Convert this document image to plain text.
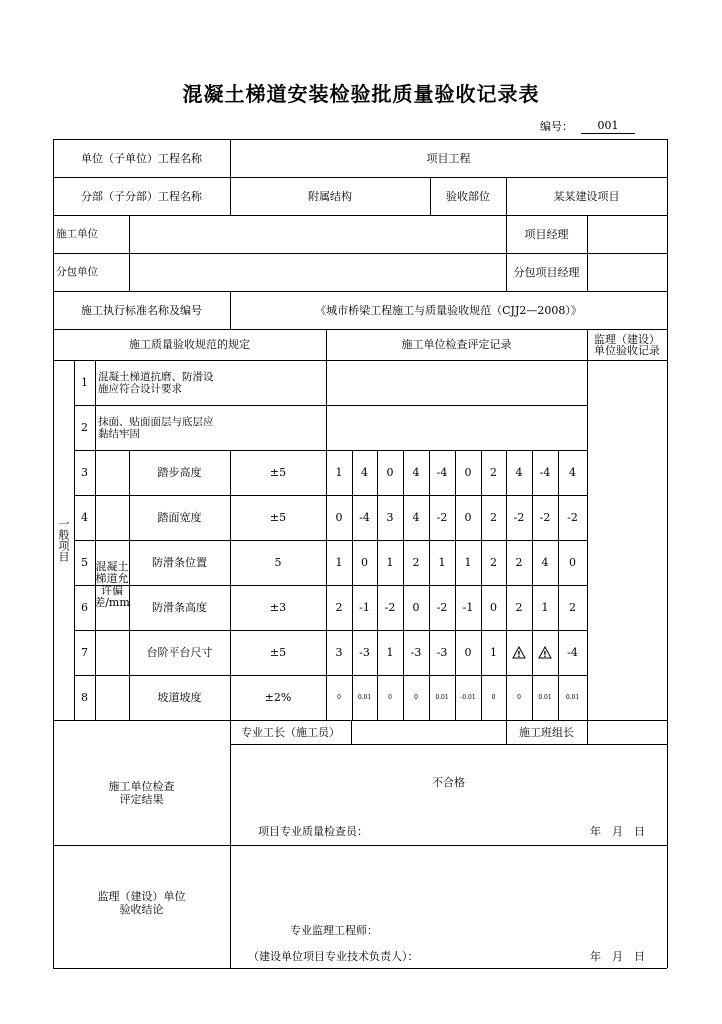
混凝土梯道安装检验批质量验收记录表
编号：	001
单位（子单位）工程名称	项目工程
分部（子分部）工程名称	附属结构	验收部位	某某建设项目
施工单位	项目经理
分包单位	分包项目经理
施工执行标准名称及编号	《城市桥梁工程施工与质量验收规范（CJJ2—2008）》
施工质量验收规范的规定	施工单位检查评定记录	监理（建设）
单位验收记录
一般项目
混凝土梯道允许偏差/mm
1 混凝土梯道抗磨、防滑设
施应符合设计要求
2 抹面、贴面面层与底层应
黏结牢固
3	踏步高度	±5	1	4	0	4	-4	0	2	4	-4	4
4	踏面宽度	±5	0	-4	3	4	-2	0	2	-2	-2	-2
5	防滑条位置	5	1	0	1	2	1	1	2	2	4	0
6	防滑条高度	±3	2	-1	-2	0	-2	-1	0	2	1	2
7	台阶平台尺寸	±5	3	-3	1	-3	-3	0	1	!	!	-4
8	坡道坡度	±2%	0	0.01	0	0	0.01	-0.01	0	0	0.01	0.01
专业工长（施工员）	施工班组长
施工单位检查
评定结果
不合格
项目专业质量检查员：	年　月　日
监理（建设）单位
验收结论
专业监理工程师：
（建设单位项目专业技术负责人）：	年　月　日
